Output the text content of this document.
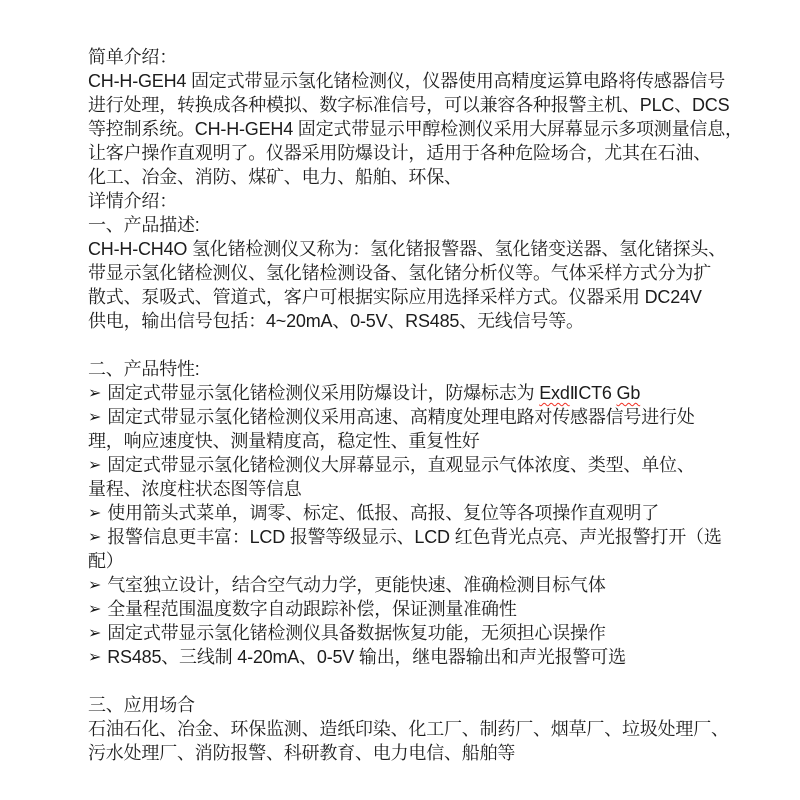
简单介绍：
CH-H-GEH4 固定式带显示氢化锗检测仪，仪器使用高精度运算电路将传感器信号
进行处理，转换成各种模拟、数字标准信号，可以兼容各种报警主机、PLC、DCS
等控制系统。CH-H-GEH4 固定式带显示甲醇检测仪采用大屏幕显示多项测量信息，
让客户操作直观明了。仪器采用防爆设计，适用于各种危险场合，尤其在石油、
化工、冶金、消防、煤矿、电力、船舶、环保、
详情介绍：
一、产品描述:
CH-H-CH4O 氢化锗检测仪又称为：氢化锗报警器、氢化锗变送器、氢化锗探头、
带显示氢化锗检测仪、氢化锗检测设备、氢化锗分析仪等。气体采样方式分为扩
散式、泵吸式、管道式，客户可根据实际应用选择采样方式。仪器采用 DC24V
供电，输出信号包括：4~20mA、0-5V、RS485、无线信号等。
二、产品特性:
➢ 固定式带显示氢化锗检测仪采用防爆设计，防爆标志为 ExdⅡCT6 Gb
➢ 固定式带显示氢化锗检测仪采用高速、高精度处理电路对传感器信号进行处
理，响应速度快、测量精度高，稳定性、重复性好
➢ 固定式带显示氢化锗检测仪大屏幕显示，直观显示气体浓度、类型、单位、
量程、浓度柱状态图等信息
➢ 使用箭头式菜单，调零、标定、低报、高报、复位等各项操作直观明了
➢ 报警信息更丰富：LCD 报警等级显示、LCD 红色背光点亮、声光报警打开（选
配）
➢ 气室独立设计，结合空气动力学，更能快速、准确检测目标气体
➢ 全量程范围温度数字自动跟踪补偿，保证测量准确性
➢ 固定式带显示氢化锗检测仪具备数据恢复功能，无须担心误操作
➢ RS485、三线制 4-20mA、0-5V 输出，继电器输出和声光报警可选
三、应用场合
石油石化、冶金、环保监测、造纸印染、化工厂、制药厂、烟草厂、垃圾处理厂、
污水处理厂、消防报警、科研教育、电力电信、船舶等
